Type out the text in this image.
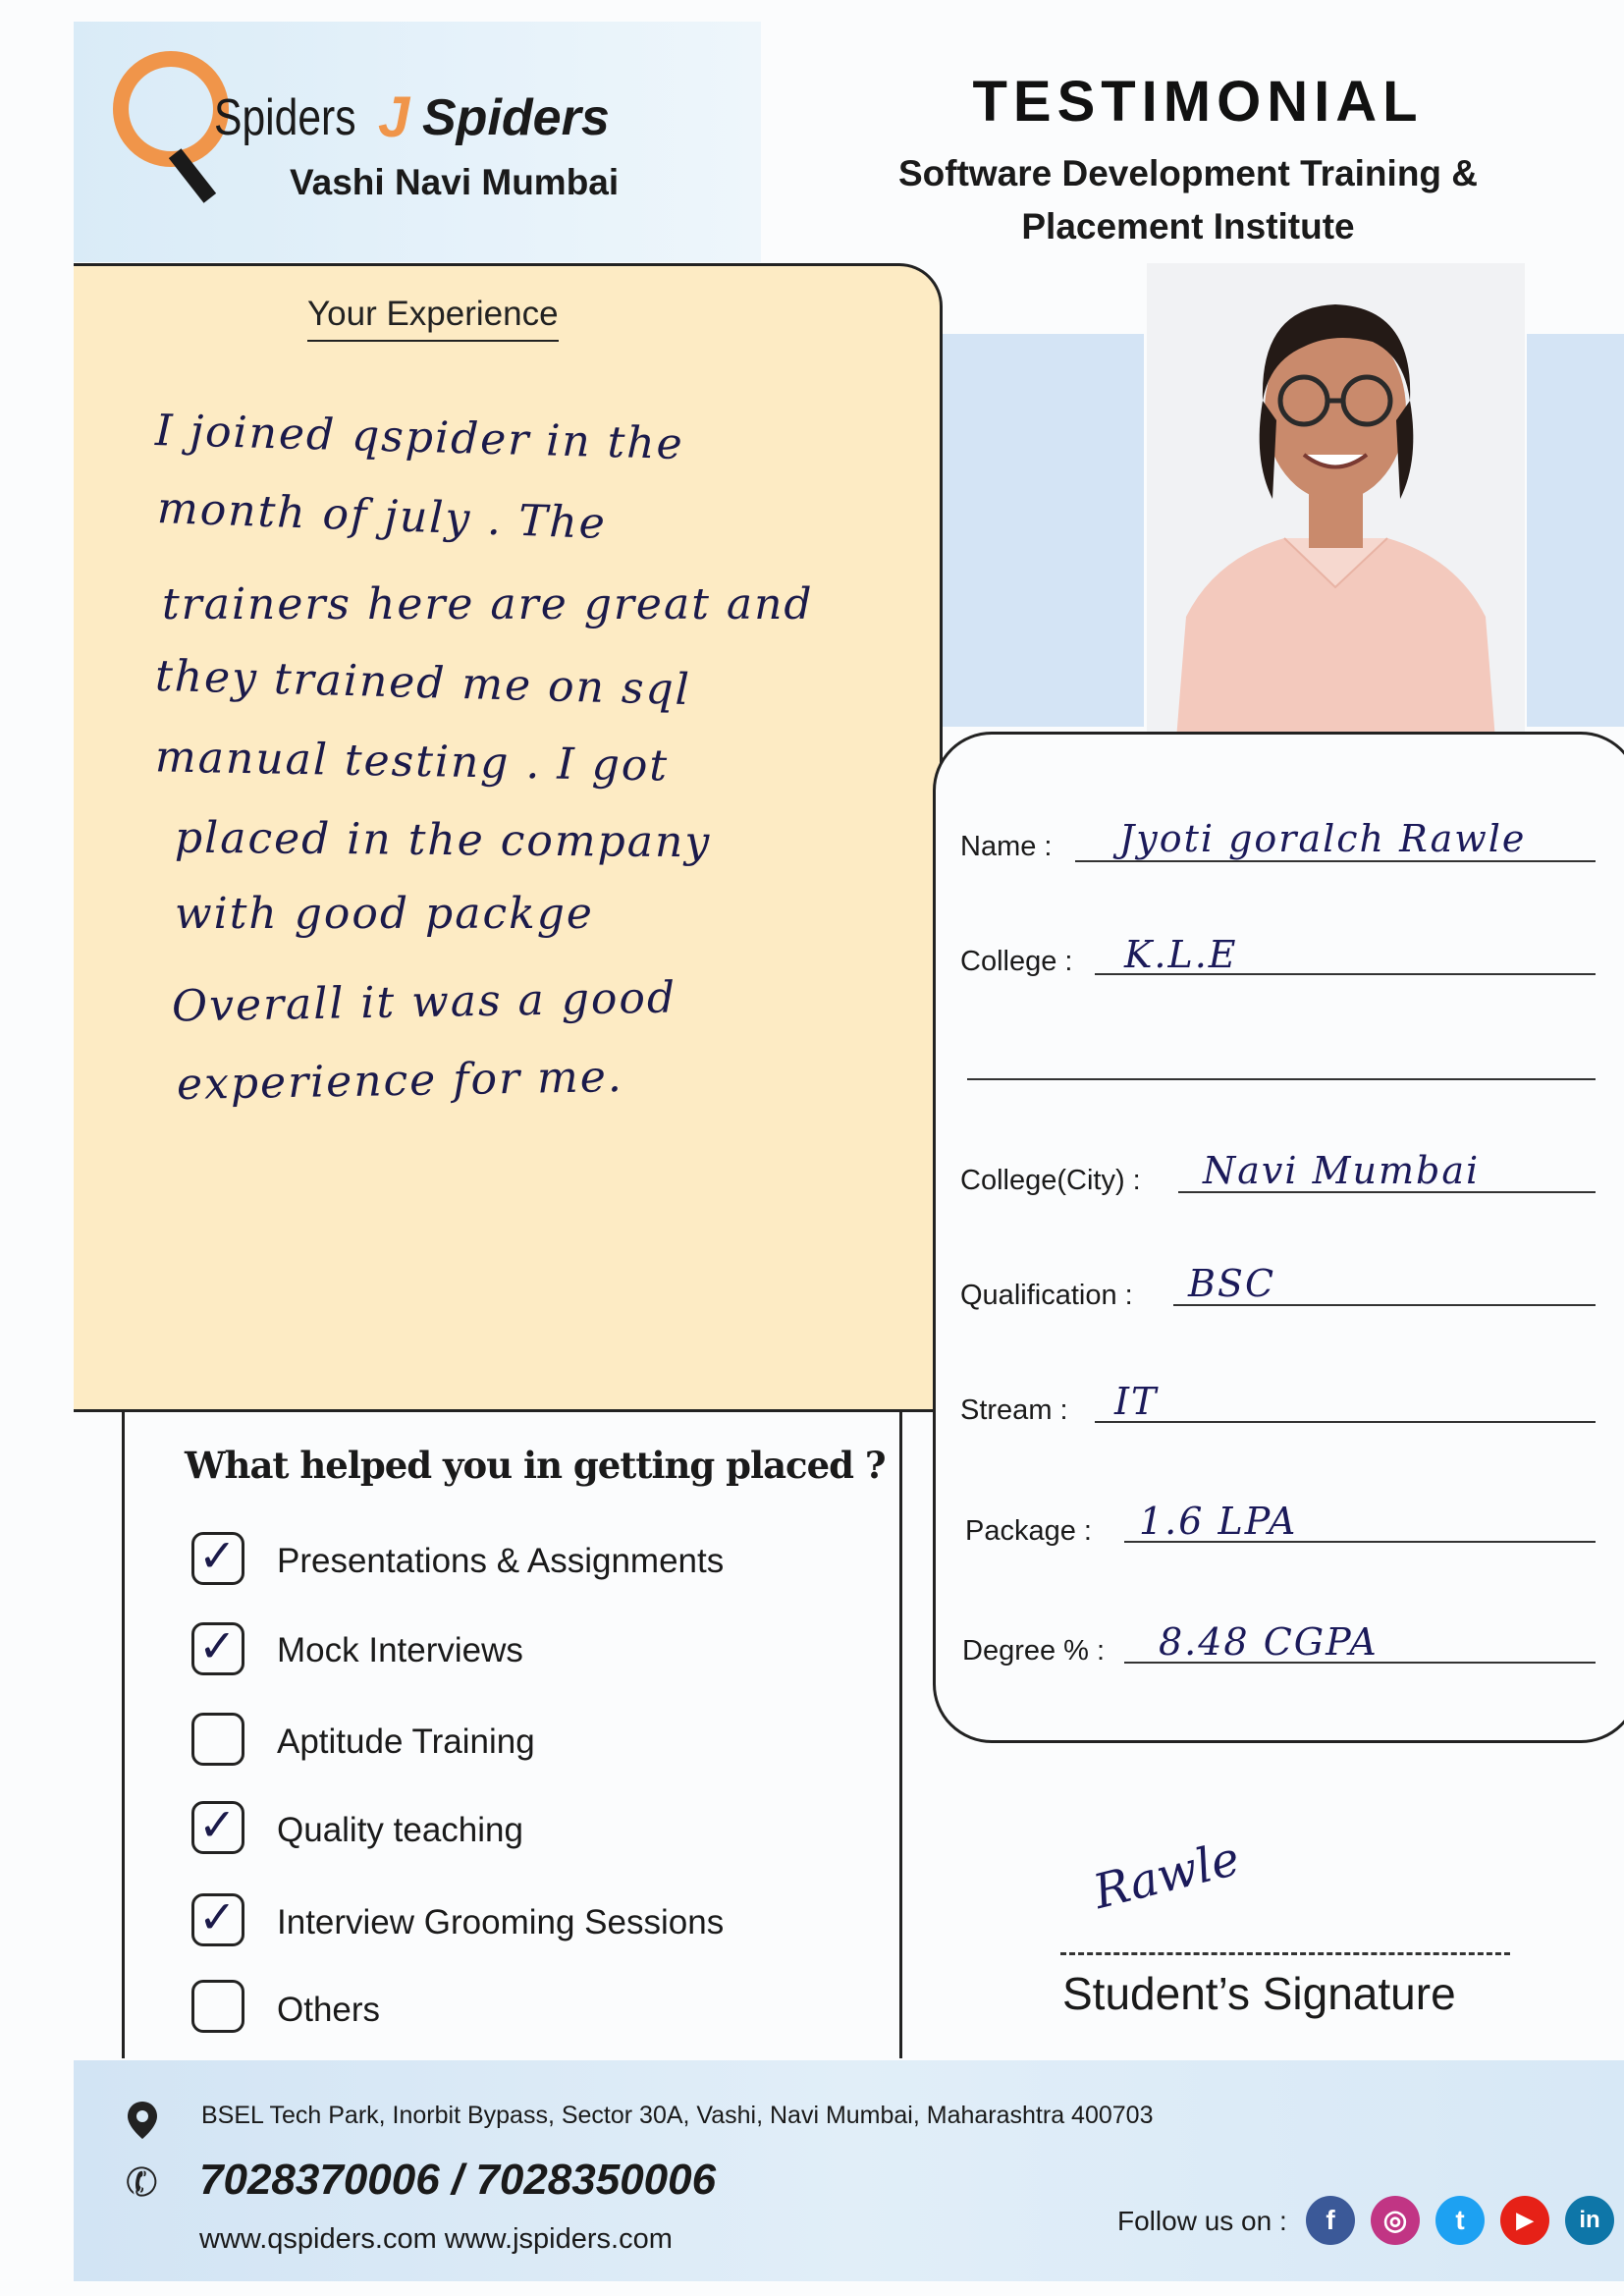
Spiders J Spiders
Vashi Navi Mumbai
TESTIMONIAL
Software Development Training &
Placement Institute
Your Experience
I joined qspider in the
month of july . The
trainers here are great and
they trained me on sql
manual testing . I got
placed in the company
with good packge
Overall it was a good
experience for me.
Name : Jyoti goralch Rawle
College : K.L.E
College(City) : Navi Mumbai
Qualification : BSC
Stream : IT
Package : 1.6 LPA
Degree % : 8.48 CGPA
What helped you in getting placed ?
✓ Presentations & Assignments
✓ Mock Interviews
Aptitude Training
✓ Quality teaching
✓ Interview Grooming Sessions
Others
Rawle
Student’s Signature
BSEL Tech Park, Inorbit Bypass, Sector 30A, Vashi, Navi Mumbai, Maharashtra 400703
✆ 7028370006 / 7028350006
www.qspiders.com www.jspiders.com
Follow us on :	f	◎	t	▶	in
